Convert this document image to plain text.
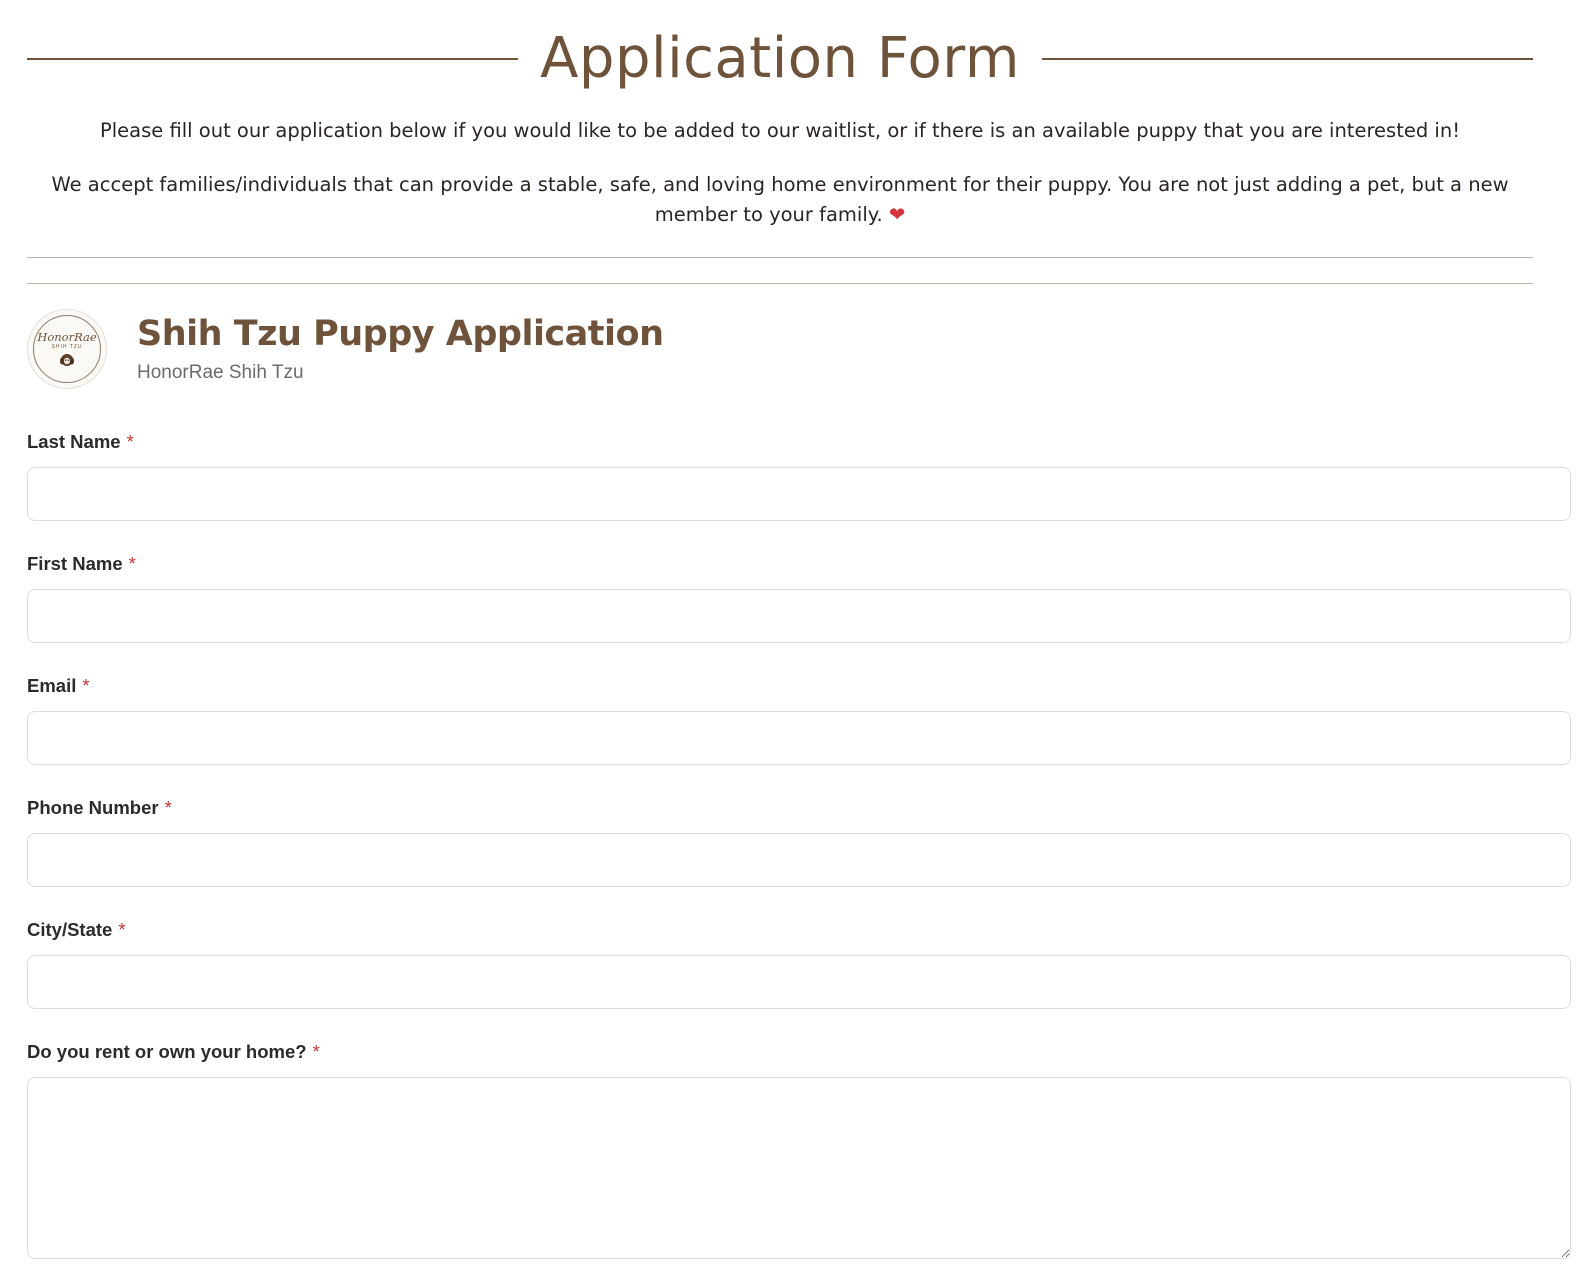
Application Form
Please fill out our application below if you would like to be added to our waitlist, or if there is an available puppy that you are interested in!
We accept families/individuals that can provide a stable, safe, and loving home environment for their puppy. You are not just adding a pet, but a new member to your family. ❤
HonorRae
SHIH TZU Shih Tzu Puppy Application
HonorRae Shih Tzu
Last Name *
First Name *
Email *
Phone Number *
City/State *
Do you rent or own your home? *
